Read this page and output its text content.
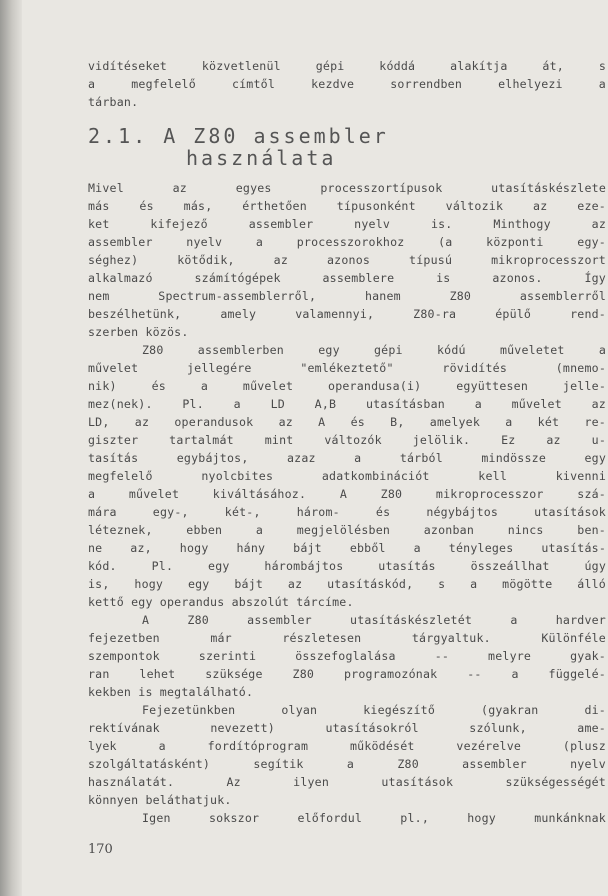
vidítéseket közvetlenül gépi kóddá alakítja át, s
a megfelelő címtől kezdve sorrendben elhelyezi a
tárban.
2.1. A Z80 assembler
használata
Mivel az egyes processzortípusok utasításkészlete
más és más, érthetően típusonként változik az eze-
ket kifejező assembler nyelv is. Minthogy az
assembler nyelv a processzorokhoz (a központi egy-
séghez) kötődik, az azonos típusú mikroprocesszort
alkalmazó számítógépek assemblere is azonos. Így
nem Spectrum-assemblerről, hanem Z80 assemblerről
beszélhetünk, amely valamennyi, Z80-ra épülő rend-
szerben közös.
Z80 assemblerben egy gépi kódú műveletet a
művelet jellegére "emlékeztető" rövidítés (mnemo-
nik) és a művelet operandusa(i) együttesen jelle-
mez(nek). Pl. a LD A,B utasításban a művelet az
LD, az operandusok az A és B, amelyek a két re-
giszter tartalmát mint változók jelölik. Ez az u-
tasítás egybájtos, azaz a tárból mindössze egy
megfelelő nyolcbites adatkombinációt kell kivenni
a művelet kiváltásához. A Z80 mikroprocesszor szá-
mára egy-, két-, három- és négybájtos utasítások
léteznek, ebben a megjelölésben azonban nincs ben-
ne az, hogy hány bájt ebből a tényleges utasítás-
kód. Pl. egy hárombájtos utasítás összeállhat úgy
is, hogy egy bájt az utasításkód, s a mögötte álló
kettő egy operandus abszolút tárcíme.
A Z80 assembler utasításkészletét a hardver
fejezetben már részletesen tárgyaltuk. Különféle
szempontok szerinti összefoglalása -- melyre gyak-
ran lehet szüksége Z80 programozónak -- a függelé-
kekben is megtalálható.
Fejezetünkben olyan kiegészítő (gyakran di-
rektívának nevezett) utasításokról szólunk, ame-
lyek a fordítóprogram működését vezérelve (plusz
szolgáltatásként) segítik a Z80 assembler nyelv
használatát. Az ilyen utasítások szükségességét
könnyen beláthatjuk.
Igen sokszor előfordul pl., hogy munkánknak
170
